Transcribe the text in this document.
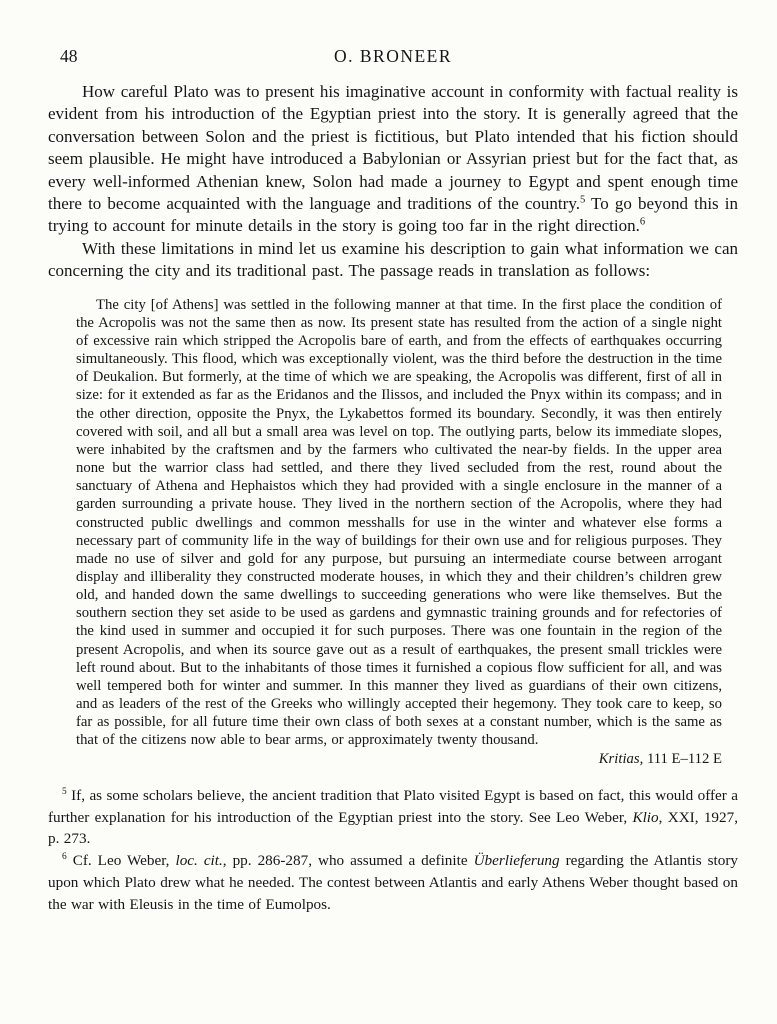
48	O. BRONEER

How careful Plato was to present his imaginative account in conformity with factual reality is evident from his introduction of the Egyptian priest into the story. It is generally agreed that the conversation between Solon and the priest is fictitious, but Plato intended that his fiction should seem plausible. He might have introduced a Babylonian or Assyrian priest but for the fact that, as every well-informed Athenian knew, Solon had made a journey to Egypt and spent enough time there to become acquainted with the language and traditions of the country.$^5$ To go beyond this in trying to account for minute details in the story is going too far in the right direction.$^6$

With these limitations in mind let us examine his description to gain what information we can concerning the city and its traditional past. The passage reads in translation as follows:

The city [of Athens] was settled in the following manner at that time. In the first place the condition of the Acropolis was not the same then as now. Its present state has resulted from the action of a single night of excessive rain which stripped the Acropolis bare of earth, and from the effects of earthquakes occurring simultaneously. This flood, which was exceptionally violent, was the third before the destruction in the time of Deukalion. But formerly, at the time of which we are speaking, the Acropolis was different, first of all in size: for it extended as far as the Eridanos and the Ilissos, and included the Pnyx within its compass; and in the other direction, opposite the Pnyx, the Lykabettos formed its boundary. Secondly, it was then entirely covered with soil, and all but a small area was level on top. The outlying parts, below its immediate slopes, were inhabited by the craftsmen and by the farmers who cultivated the near-by fields. In the upper area none but the warrior class had settled, and there they lived secluded from the rest, round about the sanctuary of Athena and Hephaistos which they had provided with a single enclosure in the manner of a garden surrounding a private house. They lived in the northern section of the Acropolis, where they had constructed public dwellings and common messhalls for use in the winter and whatever else forms a necessary part of community life in the way of buildings for their own use and for religious purposes. They made no use of silver and gold for any purpose, but pursuing an intermediate course between arrogant display and illiberality they constructed moderate houses, in which they and their children’s children grew old, and handed down the same dwellings to succeeding generations who were like themselves. But the southern section they set aside to be used as gardens and gymnastic training grounds and for refectories of the kind used in summer and occupied it for such purposes. There was one fountain in the region of the present Acropolis, and when its source gave out as a result of earthquakes, the present small trickles were left round about. But to the inhabitants of those times it furnished a copious flow sufficient for all, and was well tempered both for winter and summer. In this manner they lived as guardians of their own citizens, and as leaders of the rest of the Greeks who willingly accepted their hegemony. They took care to keep, so far as possible, for all future time their own class of both sexes at a constant number, which is the same as that of the citizens now able to bear arms, or approximately twenty thousand.

Kritias, 111 E–112 E

$^5$ If, as some scholars believe, the ancient tradition that Plato visited Egypt is based on fact, this would offer a further explanation for his introduction of the Egyptian priest into the story. See Leo Weber, Klio, XXI, 1927, p. 273.

$^6$ Cf. Leo Weber, loc. cit., pp. 286-287, who assumed a definite Überlieferung regarding the Atlantis story upon which Plato drew what he needed. The contest between Atlantis and early Athens Weber thought based on the war with Eleusis in the time of Eumolpos.
